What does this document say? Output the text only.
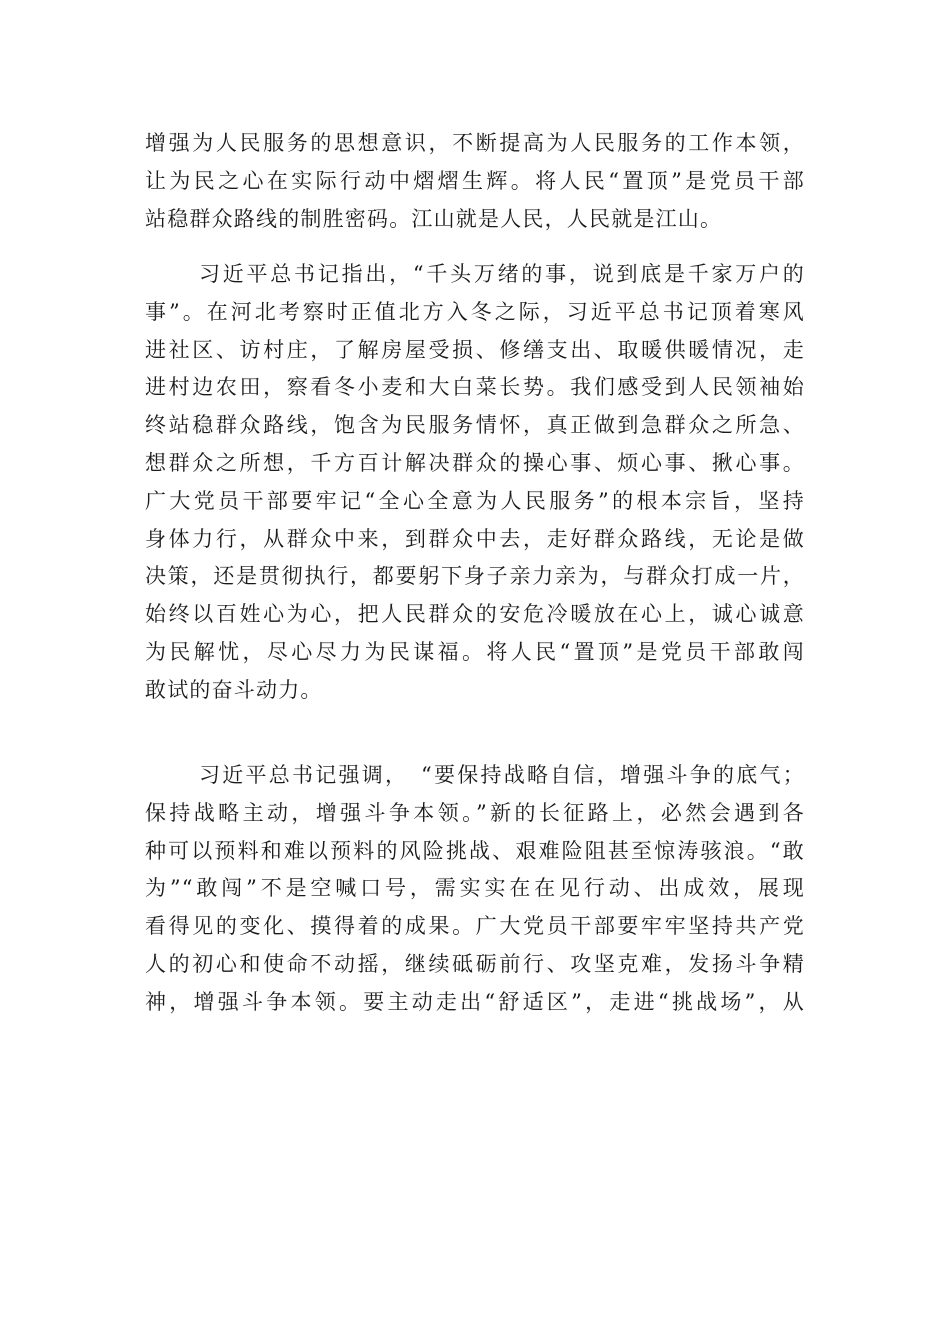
增强为人民服务的思想意识，不断提高为人民服务的工作本领，
让为民之心在实际行动中熠熠生辉。将人民“置顶”是党员干部
站稳群众路线的制胜密码。江山就是人民，人民就是江山。
习近平总书记指出，“千头万绪的事，说到底是千家万户的
事”。在河北考察时正值北方入冬之际，习近平总书记顶着寒风
进社区、访村庄，了解房屋受损、修缮支出、取暖供暖情况，走
进村边农田，察看冬小麦和大白菜长势。我们感受到人民领袖始
终站稳群众路线，饱含为民服务情怀，真正做到急群众之所急、
想群众之所想，千方百计解决群众的操心事、烦心事、揪心事。
广大党员干部要牢记“全心全意为人民服务”的根本宗旨，坚持
身体力行，从群众中来，到群众中去，走好群众路线，无论是做
决策，还是贯彻执行，都要躬下身子亲力亲为，与群众打成一片，
始终以百姓心为心，把人民群众的安危冷暖放在心上，诚心诚意
为民解忧，尽心尽力为民谋福。将人民“置顶”是党员干部敢闯
敢试的奋斗动力。
习近平总书记强调，　“要保持战略自信，增强斗争的底气；
保持战略主动，增强斗争本领。”新的长征路上，必然会遇到各
种可以预料和难以预料的风险挑战、艰难险阻甚至惊涛骇浪。“敢
为”“敢闯”不是空喊口号，需实实在在见行动、出成效，展现
看得见的变化、摸得着的成果。广大党员干部要牢牢坚持共产党
人的初心和使命不动摇，继续砥砺前行、攻坚克难，发扬斗争精
神，增强斗争本领。要主动走出“舒适区”，走进“挑战场”，从
